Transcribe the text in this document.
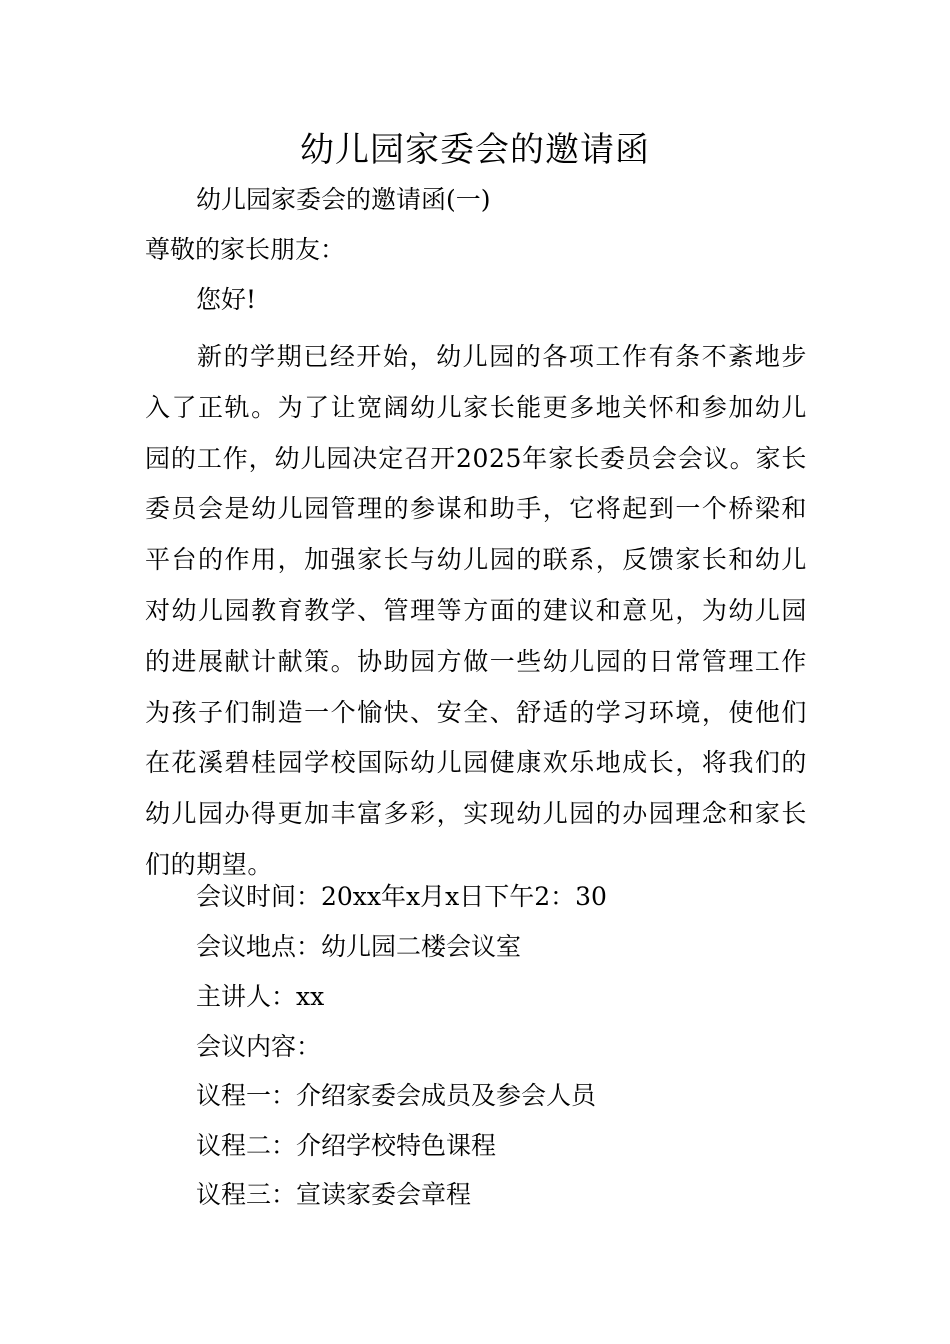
幼儿园家委会的邀请函

幼儿园家委会的邀请函(一)

尊敬的家长朋友：

您好!

新的学期已经开始，幼儿园的各项工作有条不紊地步入了正轨。为了让宽阔幼儿家长能更多地关怀和参加幼儿园的工作，幼儿园决定召开2025年家长委员会会议。家长委员会是幼儿园管理的参谋和助手，它将起到一个桥梁和平台的作用，加强家长与幼儿园的联系，反馈家长和幼儿对幼儿园教育教学、管理等方面的建议和意见，为幼儿园的进展献计献策。协助园方做一些幼儿园的日常管理工作为孩子们制造一个愉快、安全、舒适的学习环境，使他们在花溪碧桂园学校国际幼儿园健康欢乐地成长，将我们的幼儿园办得更加丰富多彩，实现幼儿园的办园理念和家长们的期望。

会议时间：20xx年x月x日下午2：30

会议地点：幼儿园二楼会议室

主讲人：xx

会议内容：

议程一：介绍家委会成员及参会人员

议程二：介绍学校特色课程

议程三：宣读家委会章程
